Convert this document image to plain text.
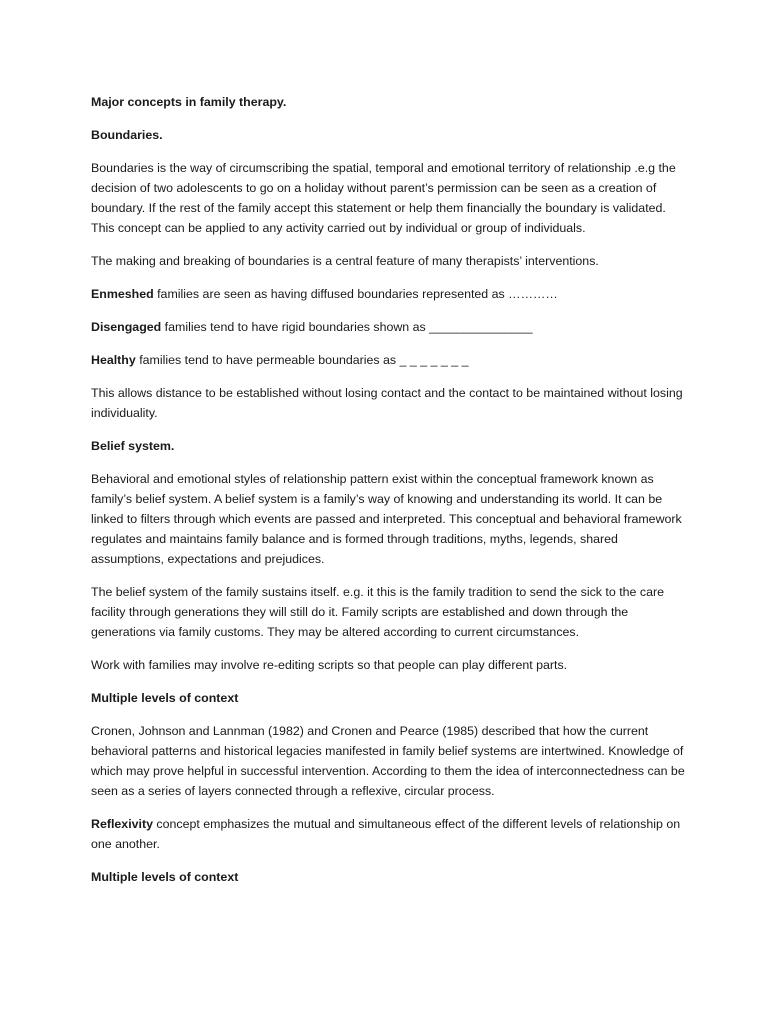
Major concepts in family therapy.

Boundaries.

Boundaries is the way of circumscribing the spatial, temporal and emotional territory of relationship .e.g the decision of two adolescents to go on a holiday without parent’s permission can be seen as a creation of boundary. If the rest of the family accept this statement or help them financially the boundary is validated. This concept can be applied to any activity carried out by individual or group of individuals.

The making and breaking of boundaries is a central feature of many therapists’ interventions.

Enmeshed families are seen as having diffused boundaries represented as …………

Disengaged families tend to have rigid boundaries shown as _______________

Healthy families tend to have permeable boundaries as _ _ _ _ _ _ _

This allows distance to be established without losing contact and the contact to be maintained without losing individuality.

Belief system.

Behavioral and emotional styles of relationship pattern exist within the conceptual framework known as family’s belief system. A belief system is a family’s way of knowing and understanding its world. It can be linked to filters through which events are passed and interpreted. This conceptual and behavioral framework regulates and maintains family balance and is formed through traditions, myths, legends, shared assumptions, expectations and prejudices.

The belief system of the family sustains itself. e.g. it this is the family tradition to send the sick to the care facility through generations they will still do it. Family scripts are established and down through the generations via family customs. They may be altered according to current circumstances.

Work with families may involve re-editing scripts so that people can play different parts.

Multiple levels of context

Cronen, Johnson and Lannman (1982) and Cronen and Pearce (1985) described that how the current behavioral patterns and historical legacies manifested in family belief systems are intertwined. Knowledge of which may prove helpful in successful intervention. According to them the idea of interconnectedness can be seen as a series of layers connected through a reflexive, circular process.

Reflexivity concept emphasizes the mutual and simultaneous effect of the different levels of relationship on one another.

Multiple levels of context
